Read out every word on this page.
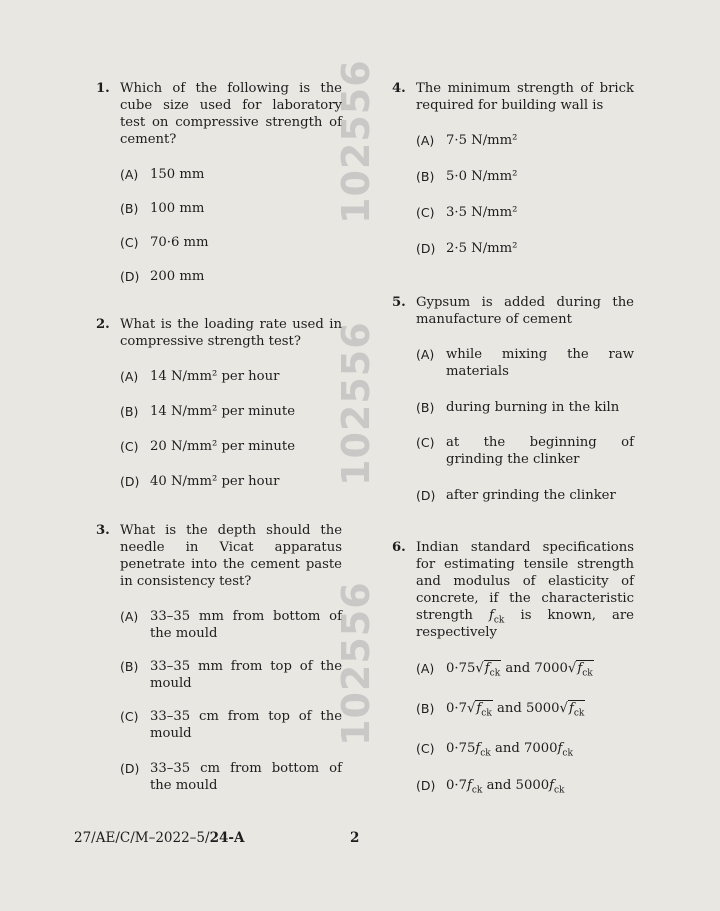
102556
102556
102556
1. Which of the following is the cube size used for laboratory test on compressive strength of cement?
(A) 150 mm
(B) 100 mm
(C) 70·6 mm
(D) 200 mm
2. What is the loading rate used in compressive strength test?
(A) 14 N/mm² per hour
(B) 14 N/mm² per minute
(C) 20 N/mm² per minute
(D) 40 N/mm² per hour
3. What is the depth should the needle in Vicat apparatus penetrate into the cement paste in consistency test?
(A) 33–35 mm from bottom of the mould
(B) 33–35 mm from top of the mould
(C) 33–35 cm from top of the mould
(D) 33–35 cm from bottom of the mould
4. The minimum strength of brick required for building wall is
(A) 7·5 N/mm²
(B) 5·0 N/mm²
(C) 3·5 N/mm²
(D) 2·5 N/mm²
5. Gypsum is added during the manufacture of cement
(A) while mixing the raw materials
(B) during burning in the kiln
(C) at the beginning of grinding the clinker
(D) after grinding the clinker
6. Indian standard specifications for estimating tensile strength and modulus of elasticity of concrete, if the characteristic strength $f_{ck}$ is known, are respectively
(A) $0\cdot 75√f_{ck}$ and $7000√f_{ck}$
(B) $0\cdot 7√f_{ck}$ and $5000√f_{ck}$
(C) $0\cdot 75f_{ck}$ and $7000f_{ck}$
(D) $0\cdot 7f_{ck}$ and $5000f_{ck}$
27/AE/C/M–2022–5/24-A	2
